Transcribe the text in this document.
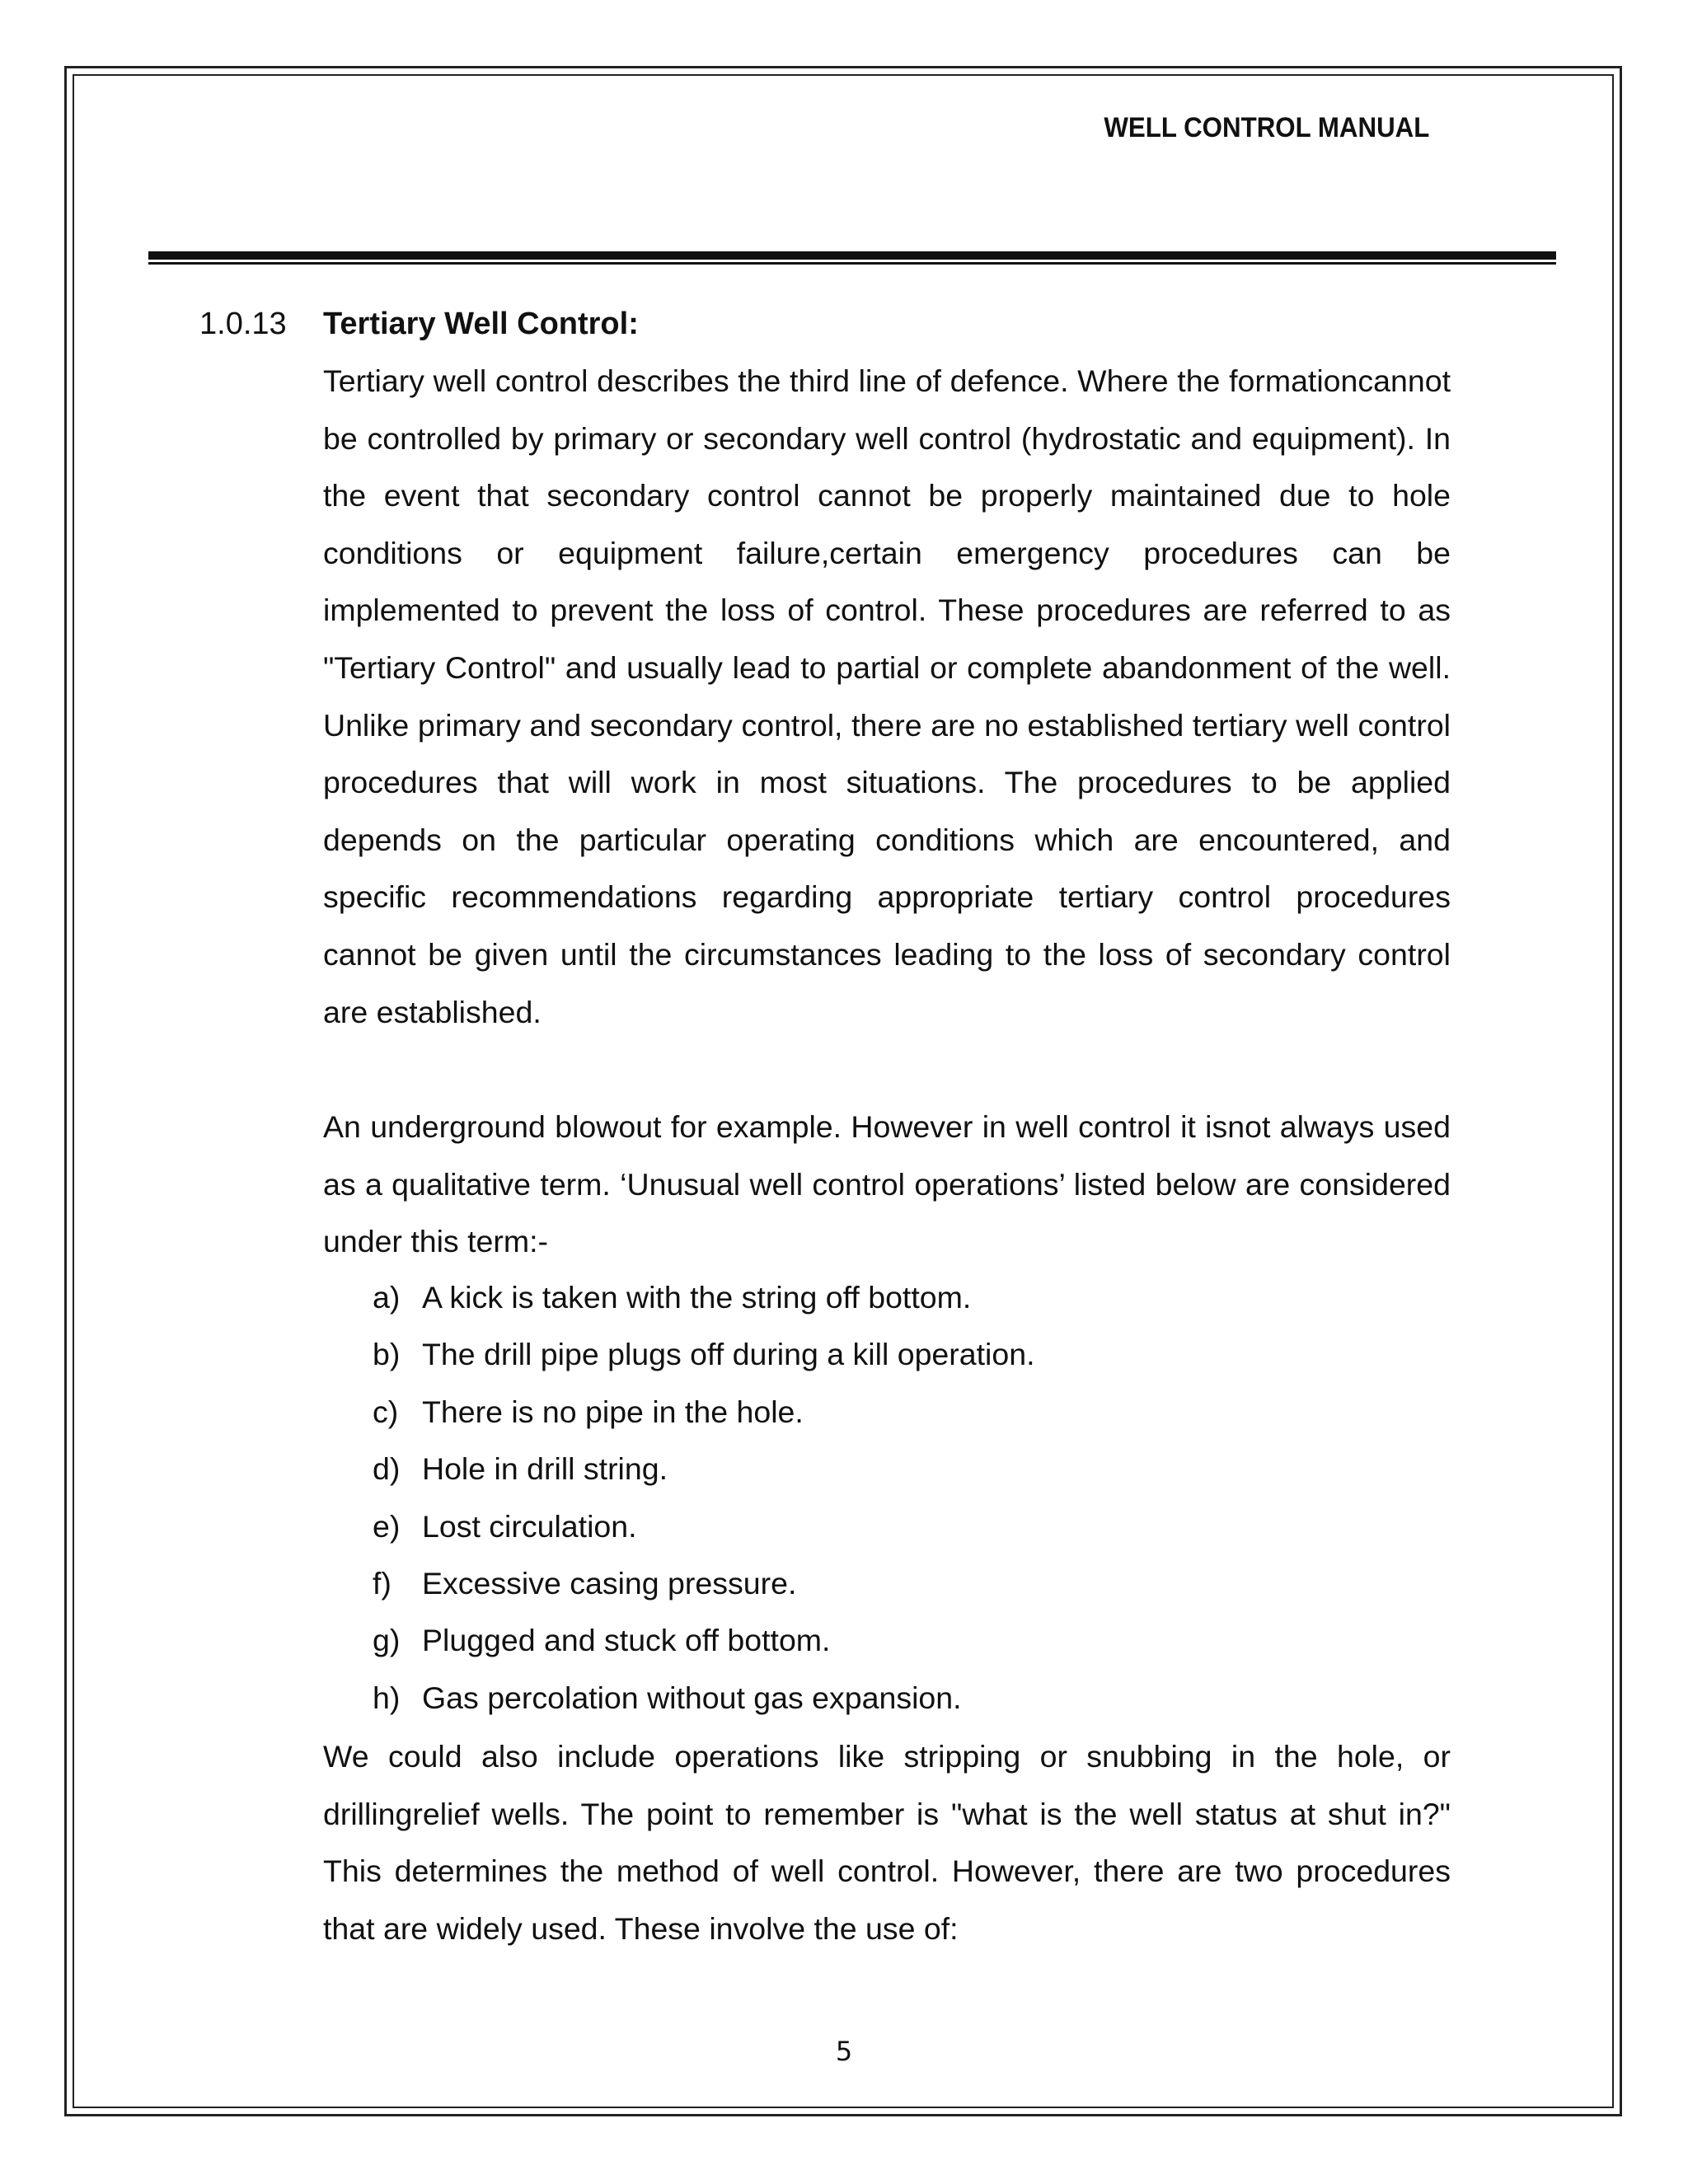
WELL CONTROL MANUAL
1.0.13 Tertiary Well Control:

Tertiary well control describes the third line of defence. Where the formationcannot be controlled by primary or secondary well control (hydrostatic and equipment). In the event that secondary control cannot be properly maintained due to hole conditions or equipment failure,certain emergency procedures can be implemented to prevent the loss of control. These procedures are referred to as "Tertiary Control" and usually lead to partial or complete abandonment of the well. Unlike primary and secondary control, there are no established tertiary well control procedures that will work in most situations. The procedures to be applied depends on the particular operating conditions which are encountered, and specific recommendations regarding appropriate tertiary control procedures cannot be given until the circumstances leading to the loss of secondary control are established.

An underground blowout for example. However in well control it isnot always used as a qualitative term. ‘Unusual well control operations’ listed below are considered under this term:-

a) A kick is taken with the string off bottom.
b) The drill pipe plugs off during a kill operation.
c) There is no pipe in the hole.
d) Hole in drill string.
e) Lost circulation.
f) Excessive casing pressure.
g) Plugged and stuck off bottom.
h) Gas percolation without gas expansion.

We could also include operations like stripping or snubbing in the hole, or drillingrelief wells. The point to remember is "what is the well status at shut in?" This determines the method of well control. However, there are two procedures that are widely used. These involve the use of:

5
